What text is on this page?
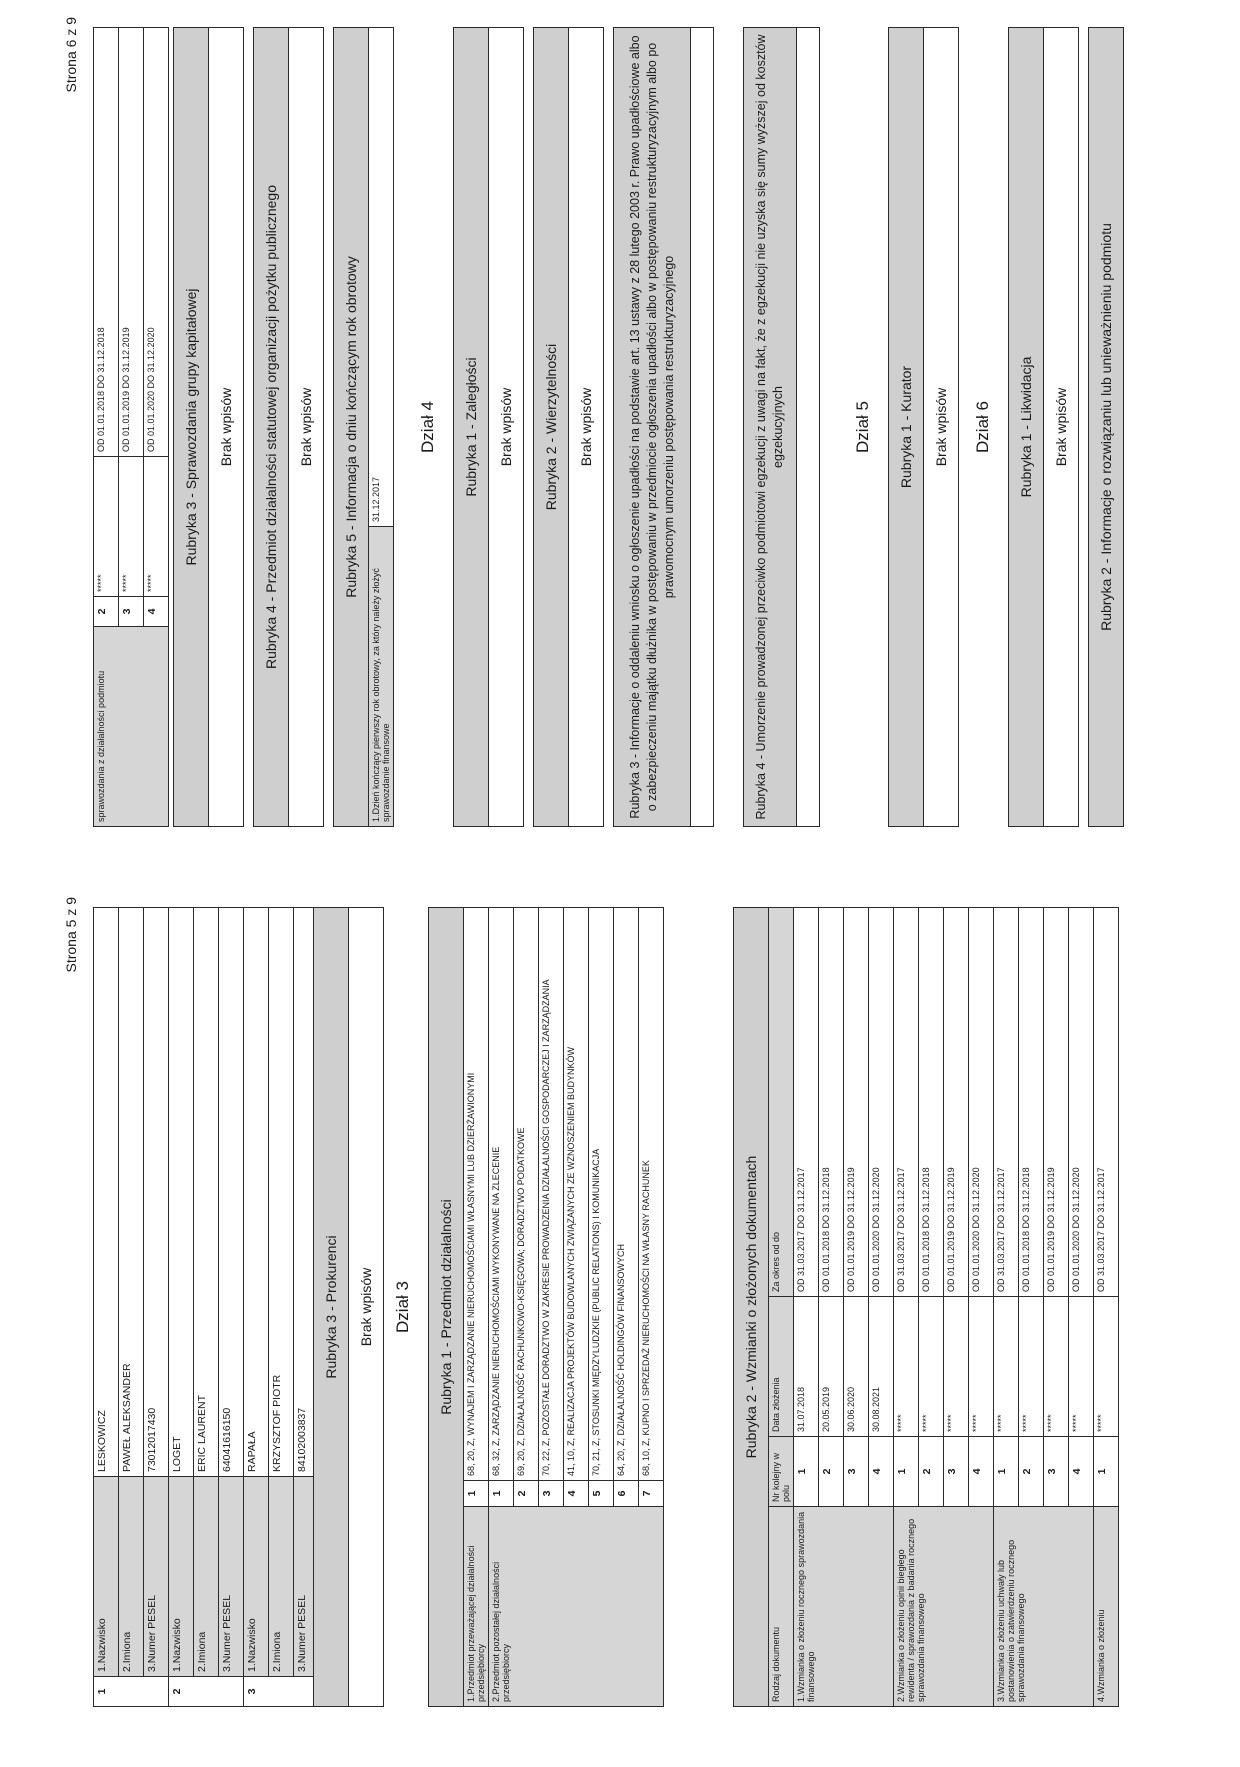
Strona 5 z 9
1	1.Nazwisko	LESKOWICZ
	2.Imiona	PAWEŁ ALEKSANDER
	3.Numer PESEL	73012017430
2	1.Nazwisko	LOGET
	2.Imiona	ERIC LAURENT
	3.Numer PESEL	64041616150
3	1.Nazwisko	RAPAŁA
	2.Imiona	KRZYSZTOF PIOTR
	3.Numer PESEL	84102003837
Rubryka 3 - Prokurenci
Brak wpisów Dział 3 Rubryka 1 - Przedmiot działalności		
1.Przedmiot przeważającej działalności przedsiębiorcy	1	68, 20, Z, WYNAJEM I ZARZĄDZANIE NIERUCHOMOŚCIAMI WŁASNYMI LUB DZIERŻAWIONYMI
2.Przedmiot pozostałej działalności przedsiębiorcy	1	68, 32, Z, ZARZĄDZANIE NIERUCHOMOŚCIAMI WYKONYWANE NA ZLECENIE
	2	69, 20, Z, DZIAŁALNOŚĆ RACHUNKOWO-KSIĘGOWA; DORADZTWO PODATKOWE
	3	70, 22, Z, POZOSTAŁE DORADZTWO W ZAKRESIE PROWADZENIA DZIAŁALNOŚCI GOSPODARCZEJ I ZARZĄDZANIA
	4	41, 10, Z, REALIZACJA PROJEKTÓW BUDOWLANYCH ZWIĄZANYCH ZE WZNOSZENIEM BUDYNKÓW
	5	70, 21, Z, STOSUNKI MIĘDZYLUDZKIE (PUBLIC RELATIONS) I KOMUNIKACJA
	6	64, 20, Z, DZIAŁALNOŚĆ HOLDINGÓW FINANSOWYCH
	7	68, 10, Z, KUPNO I SPRZEDAŻ NIERUCHOMOŚCI NA WŁASNY RACHUNEK	Rubryka 2 - Wzmianki o złożonych dokumentach			
Rodzaj dokumentu	Nr kolejny w polu	Data złożenia	Za okres od do
1.Wzmianka o złożeniu rocznego sprawozdania finansowego	1	31.07.2018	OD 31.03.2017 DO 31.12.2017
	2	20.05.2019	OD 01.01.2018 DO 31.12.2018
	3	30.06.2020	OD 01.01.2019 DO 31.12.2019
	4	30.08.2021	OD 01.01.2020 DO 31.12.2020
2.Wzmianka o złożeniu opinii biegłego rewidenta / sprawozdania z badania rocznego sprawozdania finansowego	1	*****	OD 31.03.2017 DO 31.12.2017
	2	*****	OD 01.01.2018 DO 31.12.2018
	3	*****	OD 01.01.2019 DO 31.12.2019
	4	*****	OD 01.01.2020 DO 31.12.2020
3.Wzmianka o złożeniu uchwały lub postanowienia o zatwierdzeniu rocznego sprawozdania finansowego	1	*****	OD 31.03.2017 DO 31.12.2017
	2	*****	OD 01.01.2018 DO 31.12.2018
	3	*****	OD 01.01.2019 DO 31.12.2019
	4	*****	OD 01.01.2020 DO 31.12.2020
4.Wzmianka o złożeniu	1	*****	OD 31.03.2017 DO 31.12.2017
Strona 6 z 9
sprawozdania z działalności podmiotu	2	*****	OD 01.01.2018 DO 31.12.2018
	3	*****	OD 01.01.2019 DO 31.12.2019
	4	*****	OD 01.01.2020 DO 31.12.2020 Rubryka 3 - Sprawozdania grupy kapitałowej
Brak wpisów Rubryka 4 - Przedmiot działalności statutowej organizacji pożytku publicznego
Brak wpisów Rubryka 5 - Informacja o dniu kończącym rok obrotowy
1.Dzień kończący pierwszy rok obrotowy, za który należy złożyć sprawozdanie finansowe	31.12.2017
Dział 4 Rubryka 1 - Zaległości
Brak wpisów Rubryka 2 - Wierzytelności
Brak wpisów	Rubryka 3 - Informacje o oddaleniu wniosku o ogłoszenie upadłości na podstawie art. 13 ustawy z 28 lutego 2003 r. Prawo upadłościowe albo o zabezpieczeniu majątku dłużnika w postępowaniu w przedmiocie ogłoszenia upadłości albo w postępowaniu restrukturyzacyjnym albo po prawomocnym umorzeniu postępowania restrukturyzacyjnego	Rubryka 4 - Umorzenie prowadzonej przeciwko podmiotowi egzekucji z uwagi na fakt, że z egzekucji nie uzyska się sumy wyższej od kosztów egzekucyjnych	Dział 5 Rubryka 1 - Kurator
Brak wpisów Dział 6 Rubryka 1 - Likwidacja
Brak wpisów Rubryka 2 - Informacje o rozwiązaniu lub unieważnieniu podmiotu
